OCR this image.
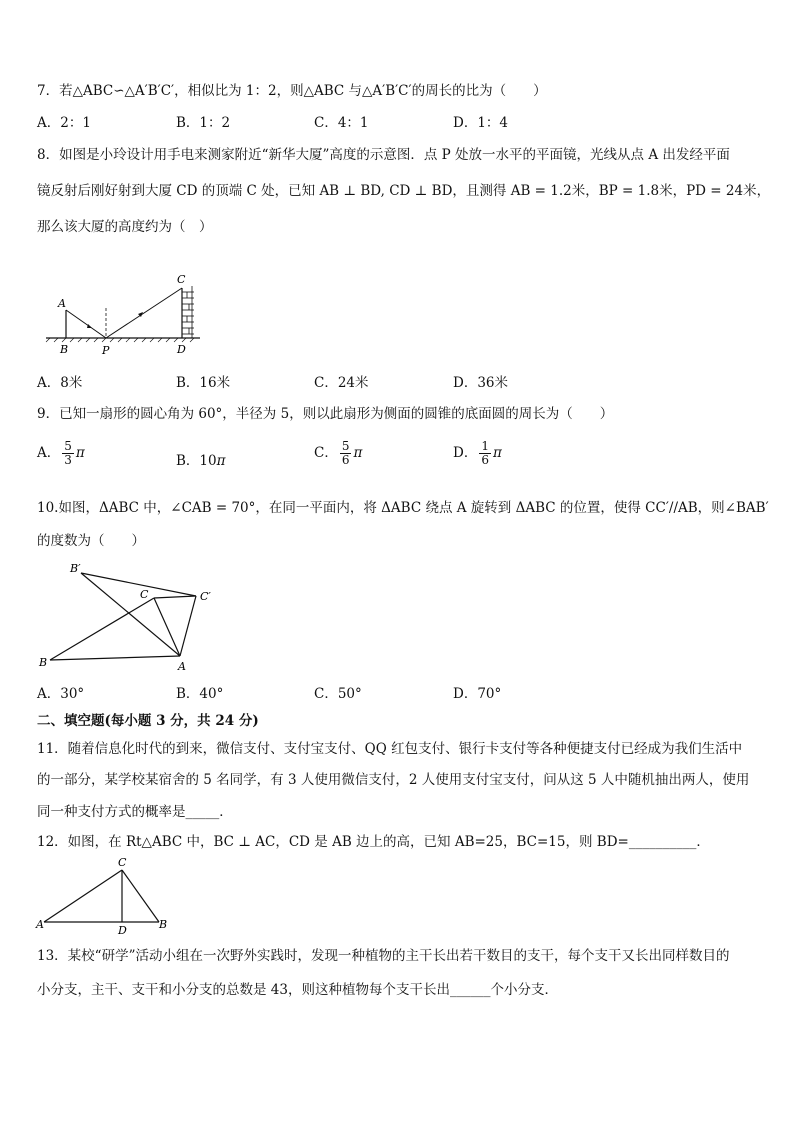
7．若△ABC∽△A′B′C′，相似比为 1：2，则△ABC 与△A′B′C′的周长的比为（　　）
A．2：1	B．1：2	C．4：1	D．1：4
8．如图是小玲设计用手电来测家附近“新华大厦”高度的示意图．点 P 处放一水平的平面镜，光线从点 A 出发经平面
镜反射后刚好射到大厦 CD 的顶端 C 处，已知 AB ⊥ BD, CD ⊥ BD，且测得 AB = 1.2米，BP = 1.8米，PD = 24米，
那么该大厦的高度约为（　）
A
B	P
C
D
A．8米	B．16米	C．24米	D．36米
9．已知一扇形的圆心角为 60°，半径为 5，则以此扇形为侧面的圆锥的底面圆的周长为（　　）
A． $\frac{5}{3}$ π	B．10π	C． $\frac{5}{6}$ π	D． $\frac{1}{6}$ π
10.如图，ΔABC 中，∠CAB = 70°，在同一平面内，将 ΔABC 绕点 A 旋转到 ΔABC 的位置，使得 CC′//AB，则∠BAB′
的度数为（　　）
B′
C	C′
B	A
A．30°	B．40°	C．50°	D．70°
二、填空题(每小题 3 分，共 24 分)
11．随着信息化时代的到来，微信支付、支付宝支付、QQ 红包支付、银行卡支付等各种便捷支付已经成为我们生活中
的一部分，某学校某宿舍的 5 名同学，有 3 人使用微信支付，2 人使用支付宝支付，问从这 5 人中随机抽出两人，使用
同一种支付方式的概率是_____．
12．如图，在 Rt△ABC 中，BC ⊥ AC，CD 是 AB 边上的高，已知 AB=25，BC=15，则 BD=__________．
C
A	D	B
13．某校“研学”活动小组在一次野外实践时，发现一种植物的主干长出若干数目的支干，每个支干又长出同样数目的
小分支，主干、支干和小分支的总数是 43，则这种植物每个支干长出______个小分支．
